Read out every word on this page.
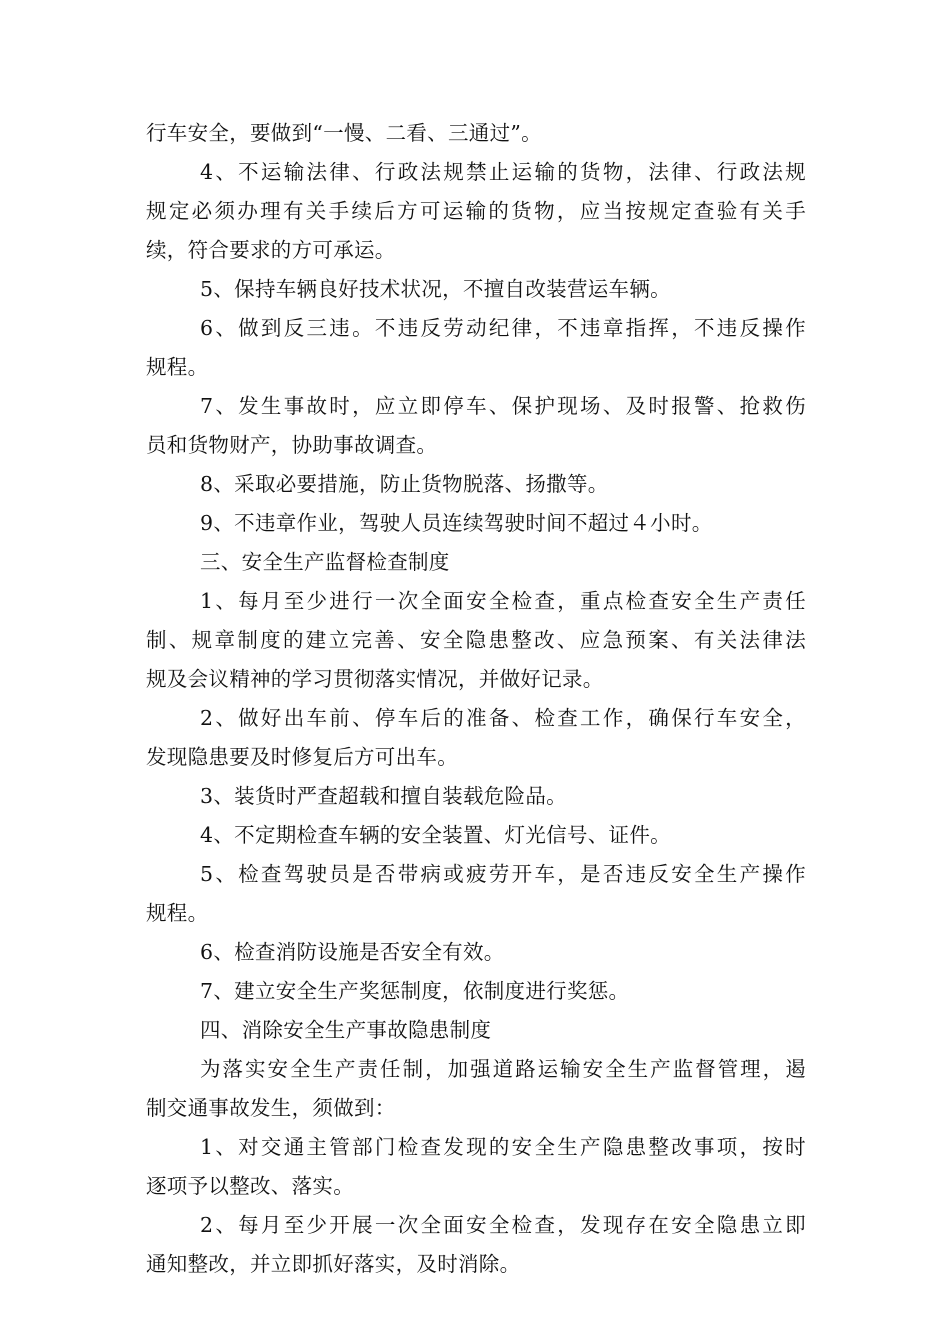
行车安全，要做到“一慢、二看、三通过”。
4、不运输法律、行政法规禁止运输的货物，法律、行政法规
规定必须办理有关手续后方可运输的货物，应当按规定查验有关手
续，符合要求的方可承运。
5、保持车辆良好技术状况，不擅自改装营运车辆。
6、做到反三违。不违反劳动纪律，不违章指挥，不违反操作
规程。
7、发生事故时，应立即停车、保护现场、及时报警、抢救伤
员和货物财产，协助事故调查。
8、采取必要措施，防止货物脱落、扬撒等。
9、不违章作业，驾驶人员连续驾驶时间不超过４小时。
三、安全生产监督检查制度
1、每月至少进行一次全面安全检查，重点检查安全生产责任
制、规章制度的建立完善、安全隐患整改、应急预案、有关法律法
规及会议精神的学习贯彻落实情况，并做好记录。
2、做好出车前、停车后的准备、检查工作，确保行车安全，
发现隐患要及时修复后方可出车。
3、装货时严查超载和擅自装载危险品。
4、不定期检查车辆的安全装置、灯光信号、证件。
5、检查驾驶员是否带病或疲劳开车，是否违反安全生产操作
规程。
6、检查消防设施是否安全有效。
7、建立安全生产奖惩制度，依制度进行奖惩。
四、消除安全生产事故隐患制度
为落实安全生产责任制，加强道路运输安全生产监督管理，遏
制交通事故发生，须做到：
1、对交通主管部门检查发现的安全生产隐患整改事项，按时
逐项予以整改、落实。
2、每月至少开展一次全面安全检查，发现存在安全隐患立即
通知整改，并立即抓好落实，及时消除。
